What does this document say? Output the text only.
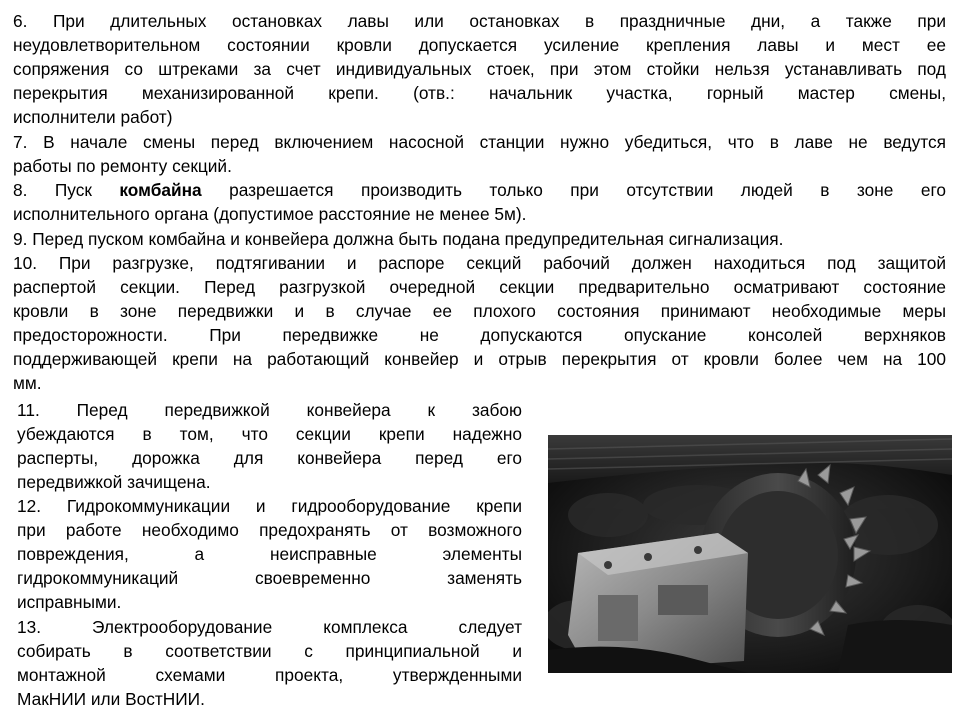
6. При длительных остановках лавы или остановках в праздничные дни, а также при
неудовлетворительном состоянии кровли допускается усиление крепления лавы и мест ее
сопряжения со штреками за счет индивидуальных стоек, при этом стойки нельзя устанавливать под
перекрытия механизированной крепи. (отв.: начальник участка, горный мастер смены,
исполнители работ)
7. В начале смены перед включением насосной станции нужно убедиться, что в лаве не ведутся
работы по ремонту секций.
8. Пуск комбайна разрешается производить только при отсутствии людей в зоне его
исполнительного органа (допустимое расстояние не менее 5м).
9. Перед пуском комбайна и конвейера должна быть подана предупредительная сигнализация.
10. При разгрузке, подтягивании и распоре секций рабочий должен находиться под защитой
распертой секции. Перед разгрузкой очередной секции предварительно осматривают состояние
кровли в зоне передвижки и в случае ее плохого состояния принимают необходимые меры
предосторожности. При передвижке не допускаются опускание консолей верхняков
поддерживающей крепи на работающий конвейер и отрыв перекрытия от кровли более чем на 100
мм.
11. Перед передвижкой конвейера к забою
убеждаются в том, что секции крепи надежно
расперты, дорожка для конвейера перед его
передвижкой зачищена.
12. Гидрокоммуникации и гидрооборудование крепи
при работе необходимо предохранять от возможного
повреждения, а неисправные элементы
гидрокоммуникаций своевременно заменять
исправными.
13. Электрооборудование комплекса следует
собирать в соответствии с принципиальной и
монтажной схемами проекта, утвержденными
МакНИИ или ВостНИИ.
